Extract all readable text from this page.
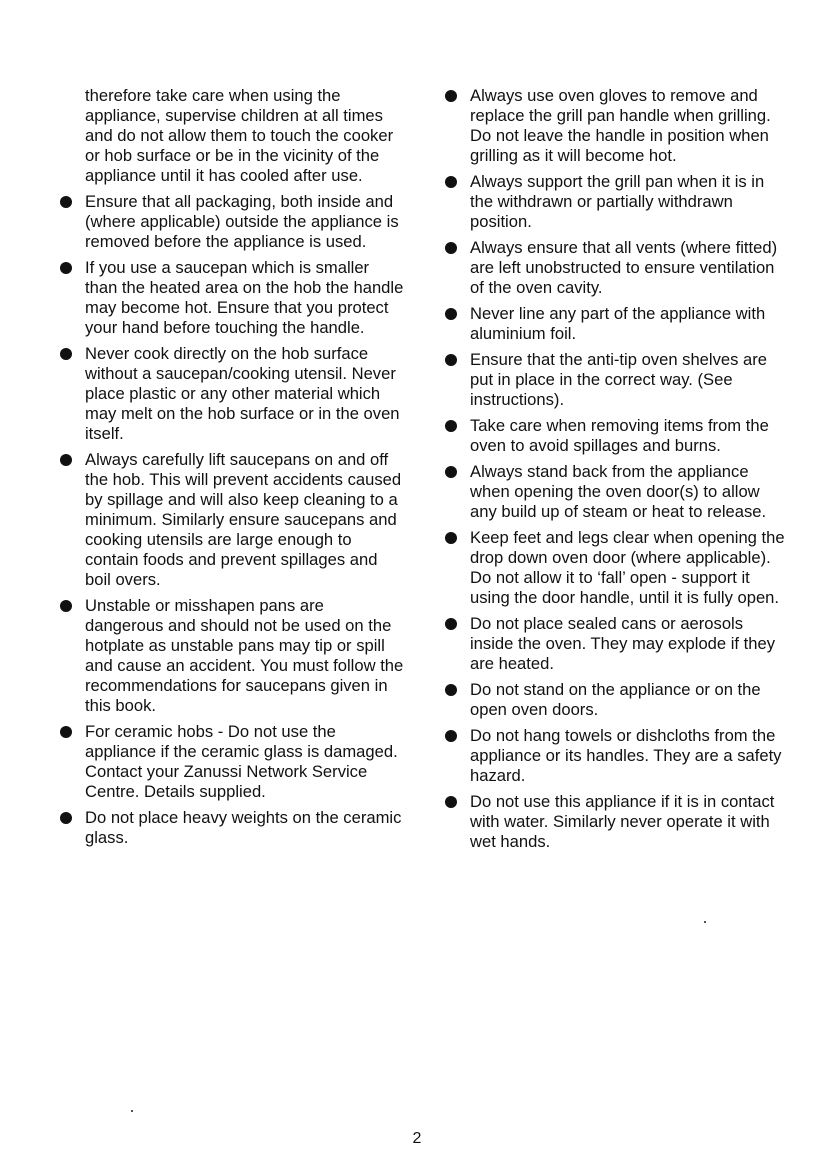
therefore take care when using the appliance, supervise children at all times and do not allow them to touch the cooker or hob surface or be in the vicinity of the appliance until it has cooled after use.
Ensure that all packaging, both inside and (where applicable) outside the appliance is removed before the appliance is used.
If you use a saucepan which is smaller than the heated area on the hob the handle may become hot. Ensure that you protect your hand before touching the handle.
Never cook directly on the hob surface without a saucepan/cooking utensil. Never place plastic or any other material which may melt on the hob surface or in the oven itself.
Always carefully lift saucepans on and off the hob. This will prevent accidents caused by spillage and will also keep cleaning to a minimum. Similarly ensure saucepans and cooking utensils are large enough to contain foods and prevent spillages and boil overs.
Unstable or misshapen pans are dangerous and should not be used on the hotplate as unstable pans may tip or spill and cause an accident. You must follow the recommendations for saucepans given in this book.
For ceramic hobs - Do not use the appliance if the ceramic glass is damaged. Contact your Zanussi Network Service Centre. Details supplied.
Do not place heavy weights on the ceramic glass.
Always use oven gloves to remove and replace the grill pan handle when grilling. Do not leave the handle in position when grilling as it will become hot.
Always support the grill pan when it is in the withdrawn or partially withdrawn position.
Always ensure that all vents (where fitted) are left unobstructed to ensure ventilation of the oven cavity.
Never line any part of the appliance with aluminium foil.
Ensure that the anti-tip oven shelves are put in place in the correct way. (See instructions).
Take care when removing items from the oven to avoid spillages and burns.
Always stand back from the appliance when opening the oven door(s) to allow any build up of steam or heat to release.
Keep feet and legs clear when opening the drop down oven door (where applicable). Do not allow it to ‘fall’ open - support it using the door handle, until it is fully open.
Do not place sealed cans or aerosols inside the oven. They may explode if they are heated.
Do not stand on the appliance or on the open oven doors.
Do not hang towels or dishcloths from the appliance or its handles. They are a safety hazard.
Do not use this appliance if it is in contact with water. Similarly never operate it with wet hands.
2
